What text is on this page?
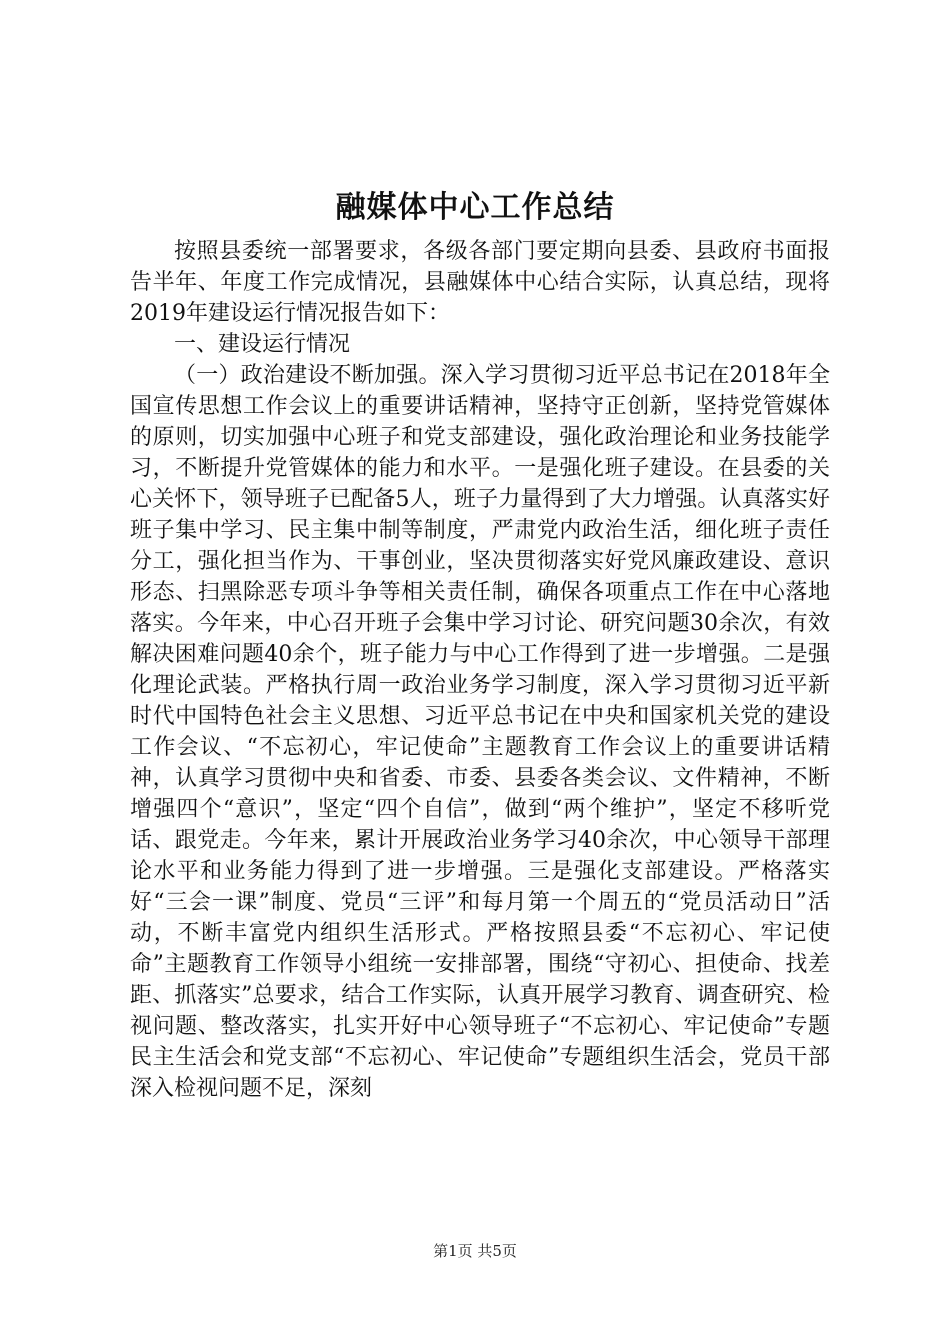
融媒体中心工作总结

按照县委统一部署要求，各级各部门要定期向县委、县政府书面报告半年、年度工作完成情况，县融媒体中心结合实际，认真总结，现将2019年建设运行情况报告如下：

一、建设运行情况

（一）政治建设不断加强。深入学习贯彻习近平总书记在2018年全国宣传思想工作会议上的重要讲话精神，坚持守正创新，坚持党管媒体的原则，切实加强中心班子和党支部建设，强化政治理论和业务技能学习，不断提升党管媒体的能力和水平。一是强化班子建设。在县委的关心关怀下，领导班子已配备5人，班子力量得到了大力增强。认真落实好班子集中学习、民主集中制等制度，严肃党内政治生活，细化班子责任分工，强化担当作为、干事创业，坚决贯彻落实好党风廉政建设、意识形态、扫黑除恶专项斗争等相关责任制，确保各项重点工作在中心落地落实。今年来，中心召开班子会集中学习讨论、研究问题30余次，有效解决困难问题40余个，班子能力与中心工作得到了进一步增强。二是强化理论武装。严格执行周一政治业务学习制度，深入学习贯彻习近平新时代中国特色社会主义思想、习近平总书记在中央和国家机关党的建设工作会议、“不忘初心，牢记使命”主题教育工作会议上的重要讲话精神，认真学习贯彻中央和省委、市委、县委各类会议、文件精神，不断增强四个“意识”，坚定“四个自信”，做到“两个维护”，坚定不移听党话、跟党走。今年来，累计开展政治业务学习40余次，中心领导干部理论水平和业务能力得到了进一步增强。三是强化支部建设。严格落实好“三会一课”制度、党员“三评”和每月第一个周五的“党员活动日”活动，不断丰富党内组织生活形式。严格按照县委“不忘初心、牢记使命”主题教育工作领导小组统一安排部署，围绕“守初心、担使命、找差距、抓落实”总要求，结合工作实际，认真开展学习教育、调查研究、检视问题、整改落实，扎实开好中心领导班子“不忘初心、牢记使命”专题民主生活会和党支部“不忘初心、牢记使命”专题组织生活会，党员干部深入检视问题不足，深刻

第1页 共5页
